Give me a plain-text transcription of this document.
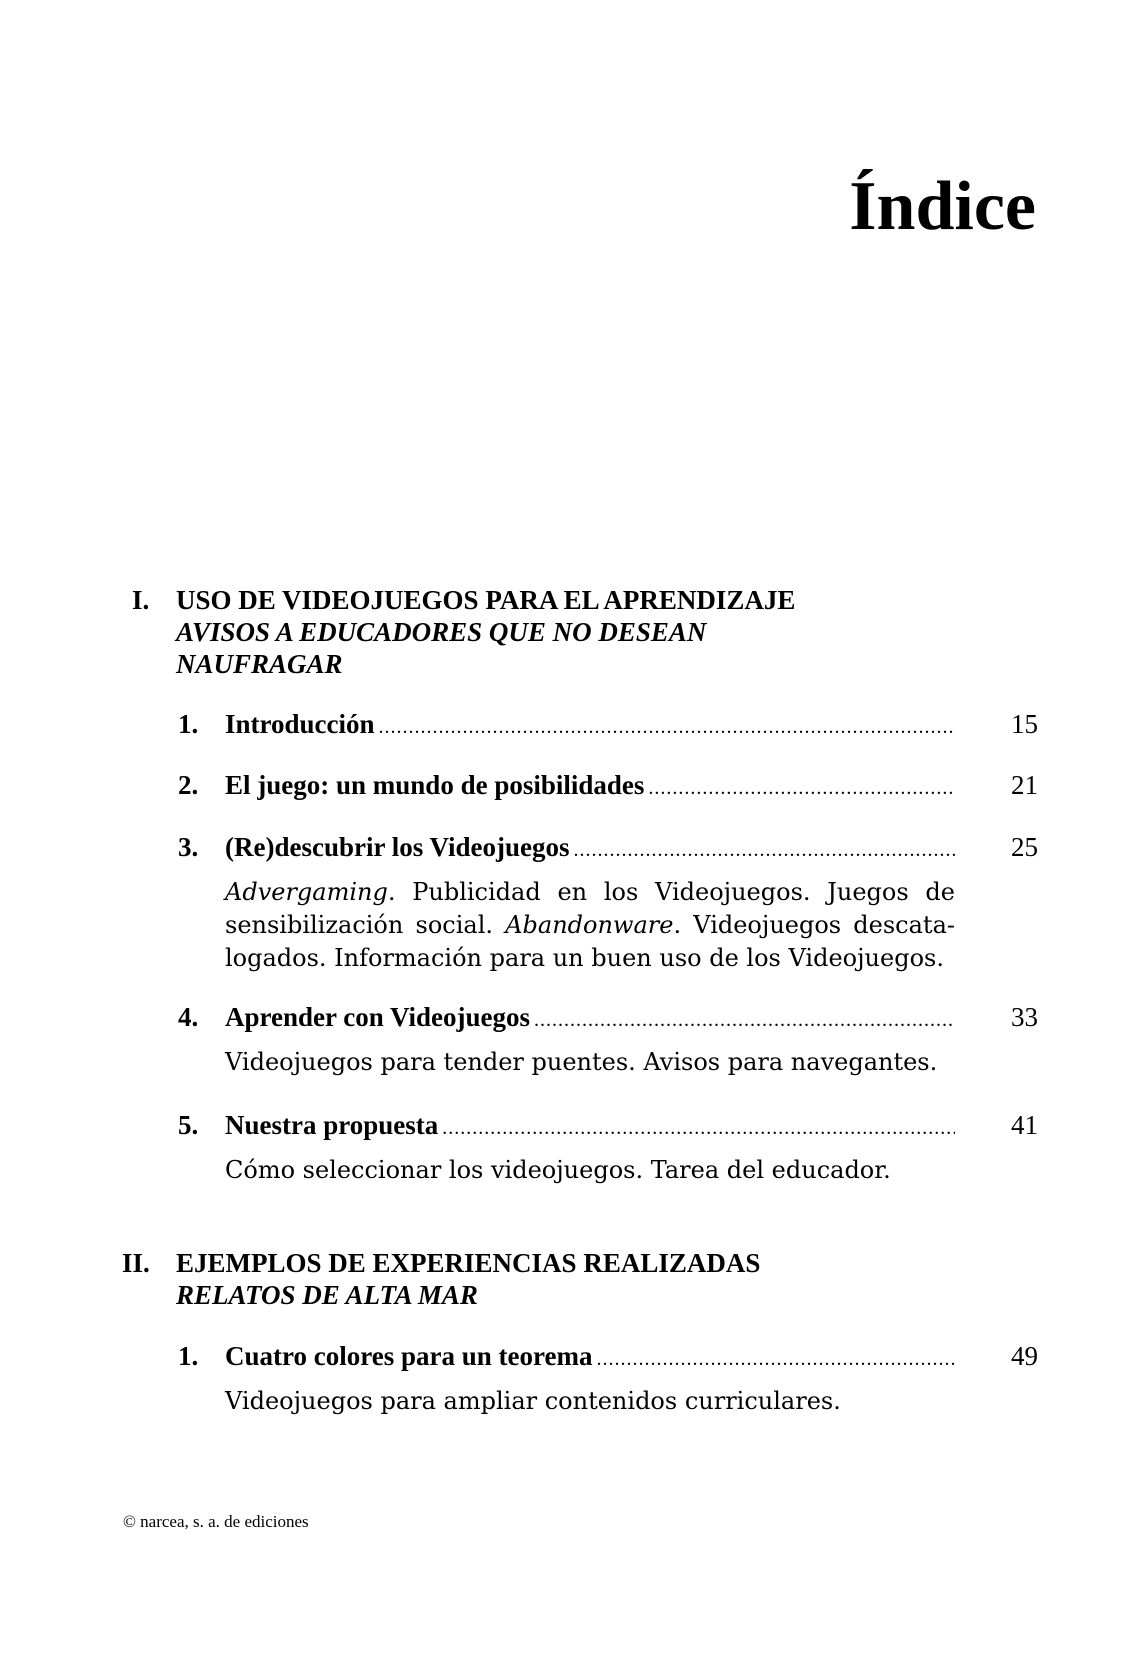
Índice
I. USO DE VIDEOJUEGOS PARA EL APRENDIZAJE
AVISOS A EDUCADORES QUE NO DESEAN
NAUFRAGAR
1. Introducción .....	15
2. El juego: un mundo de posibilidades .....	21
3. (Re)descubrir los Videojuegos .....	25
Advergaming. Publicidad en los Videojuegos. Juegos de sensibilización social. Abandonware. Videojuegos descata-logados. Información para un buen uso de los Videojuegos.
4. Aprender con Videojuegos .....	33
Videojuegos para tender puentes. Avisos para navegantes.
5. Nuestra propuesta .....	41
Cómo seleccionar los videojuegos. Tarea del educador.
II. EJEMPLOS DE EXPERIENCIAS REALIZADAS
RELATOS DE ALTA MAR
1. Cuatro colores para un teorema .....	49
Videojuegos para ampliar contenidos curriculares.
© narcea, s. a. de ediciones
